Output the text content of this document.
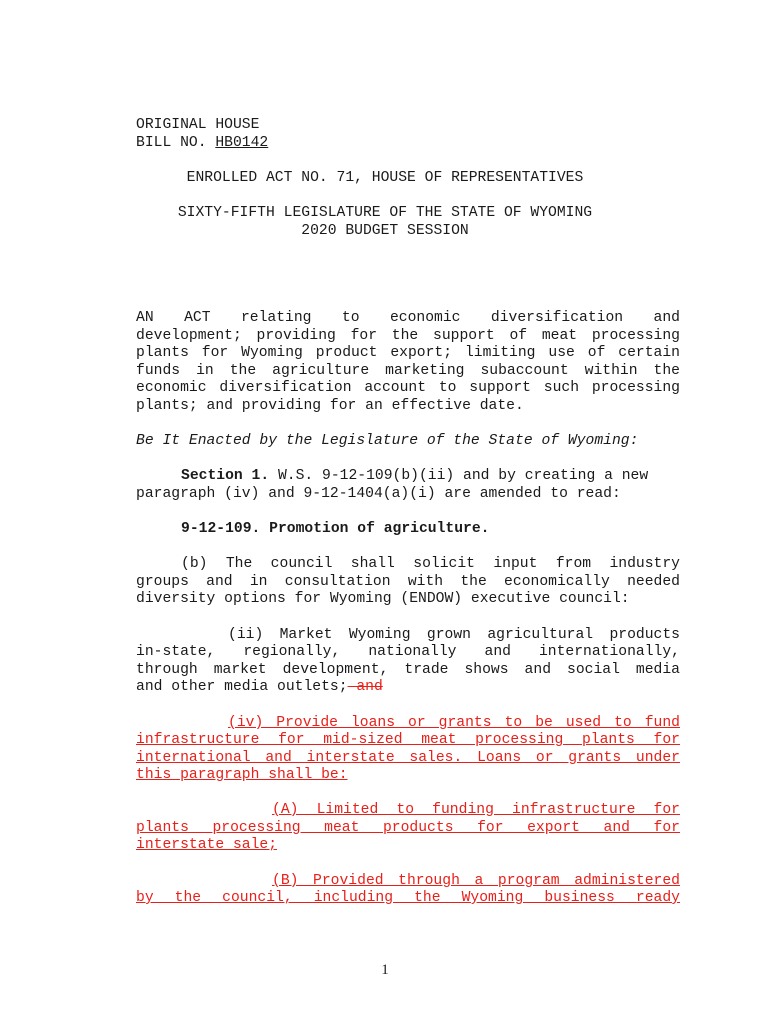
ORIGINAL HOUSE
BILL NO. HB0142
ENROLLED ACT NO. 71, HOUSE OF REPRESENTATIVES
SIXTY-FIFTH LEGISLATURE OF THE STATE OF WYOMING
2020 BUDGET SESSION
AN ACT relating to economic diversification and
development; providing for the support of meat processing
plants for Wyoming product export; limiting use of certain
funds in the agriculture marketing subaccount within the
economic diversification account to support such processing
plants; and providing for an effective date.
Be It Enacted by the Legislature of the State of Wyoming:
Section 1. W.S. 9-12-109(b)(ii) and by creating a new
paragraph (iv) and 9-12-1404(a)(i) are amended to read:
9-12-109. Promotion of agriculture.
(b) The council shall solicit input from industry
groups and in consultation with the economically needed
diversity options for Wyoming (ENDOW) executive council:
(ii) Market Wyoming grown agricultural products
in-state, regionally, nationally and internationally,
through market development, trade shows and social media
and other media outlets; and
(iv) Provide loans or grants to be used to fund
infrastructure for mid-sized meat processing plants for
international and interstate sales. Loans or grants under
this paragraph shall be:
(A) Limited to funding infrastructure for
plants processing meat products for export and for
interstate sale;
(B) Provided through a program administered
by the council, including the Wyoming business ready
1
